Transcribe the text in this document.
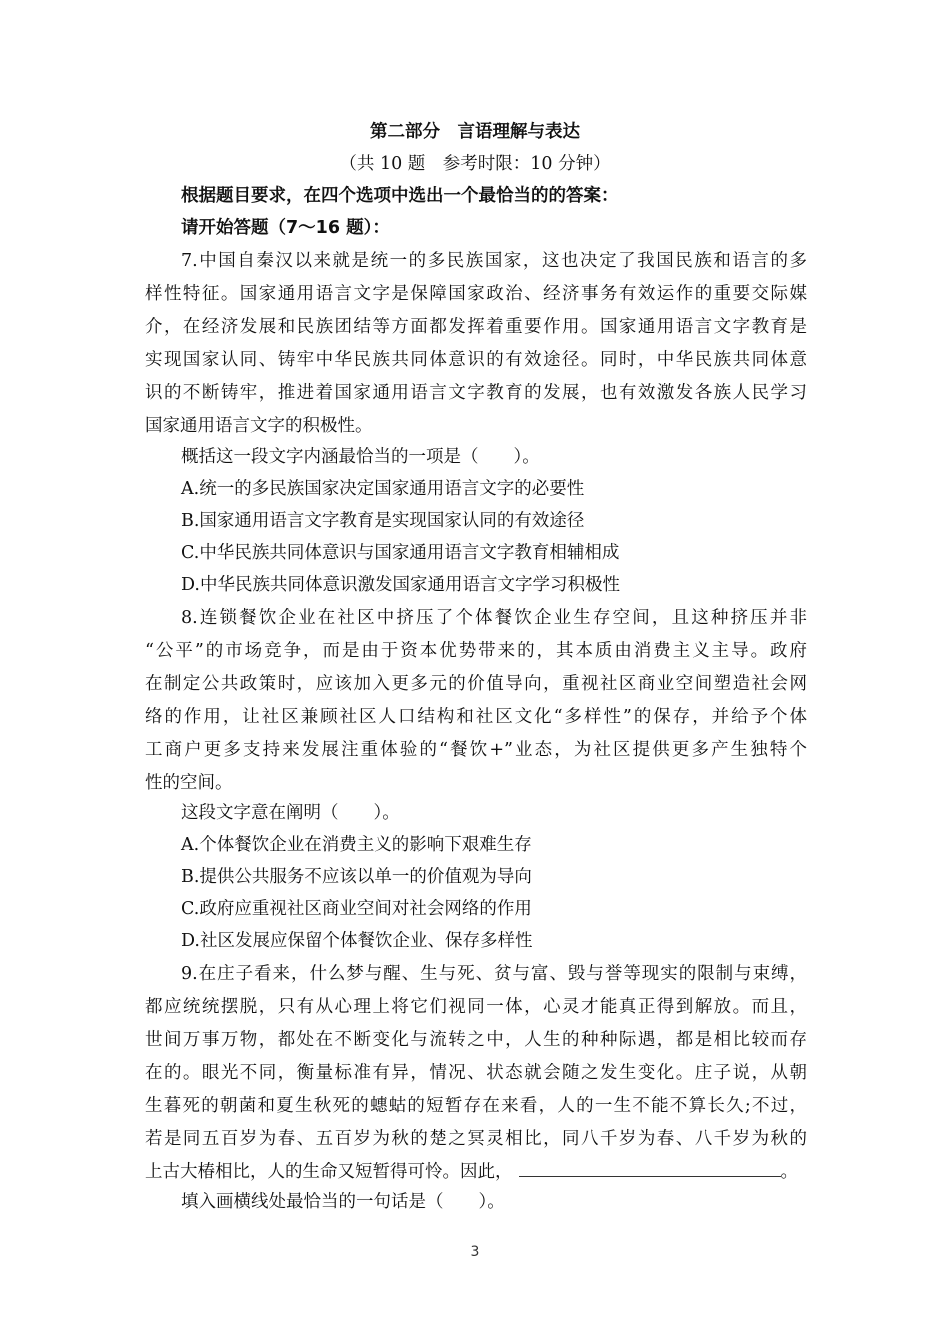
第二部分　言语理解与表达
（共 10 题　参考时限：10 分钟）
根据题目要求，在四个选项中选出一个最恰当的的答案：
请开始答题（7～16 题）：
7.中国自秦汉以来就是统一的多民族国家，这也决定了我国民族和语言的多
样性特征。国家通用语言文字是保障国家政治、经济事务有效运作的重要交际媒
介，在经济发展和民族团结等方面都发挥着重要作用。国家通用语言文字教育是
实现国家认同、铸牢中华民族共同体意识的有效途径。同时，中华民族共同体意
识的不断铸牢，推进着国家通用语言文字教育的发展，也有效激发各族人民学习
国家通用语言文字的积极性。
概括这一段文字内涵最恰当的一项是（　　）。
A.统一的多民族国家决定国家通用语言文字的必要性
B.国家通用语言文字教育是实现国家认同的有效途径
C.中华民族共同体意识与国家通用语言文字教育相辅相成
D.中华民族共同体意识激发国家通用语言文字学习积极性
8.连锁餐饮企业在社区中挤压了个体餐饮企业生存空间，且这种挤压并非
“公平”的市场竞争，而是由于资本优势带来的，其本质由消费主义主导。政府
在制定公共政策时，应该加入更多元的价值导向，重视社区商业空间塑造社会网
络的作用，让社区兼顾社区人口结构和社区文化“多样性”的保存，并给予个体
工商户更多支持来发展注重体验的“餐饮+”业态，为社区提供更多产生独特个
性的空间。
这段文字意在阐明（　　）。
A.个体餐饮企业在消费主义的影响下艰难生存
B.提供公共服务不应该以单一的价值观为导向
C.政府应重视社区商业空间对社会网络的作用
D.社区发展应保留个体餐饮企业、保存多样性
9.在庄子看来，什么梦与醒、生与死、贫与富、毁与誉等现实的限制与束缚，
都应统统摆脱，只有从心理上将它们视同一体，心灵才能真正得到解放。而且，
世间万事万物，都处在不断变化与流转之中，人生的种种际遇，都是相比较而存
在的。眼光不同，衡量标准有异，情况、状态就会随之发生变化。庄子说，从朝
生暮死的朝菌和夏生秋死的蟪蛄的短暂存在来看，人的一生不能不算长久;不过，
若是同五百岁为春、五百岁为秋的楚之冥灵相比，同八千岁为春、八千岁为秋的
上古大椿相比，人的生命又短暂得可怜。因此，	。
填入画横线处最恰当的一句话是（　　）。
3
